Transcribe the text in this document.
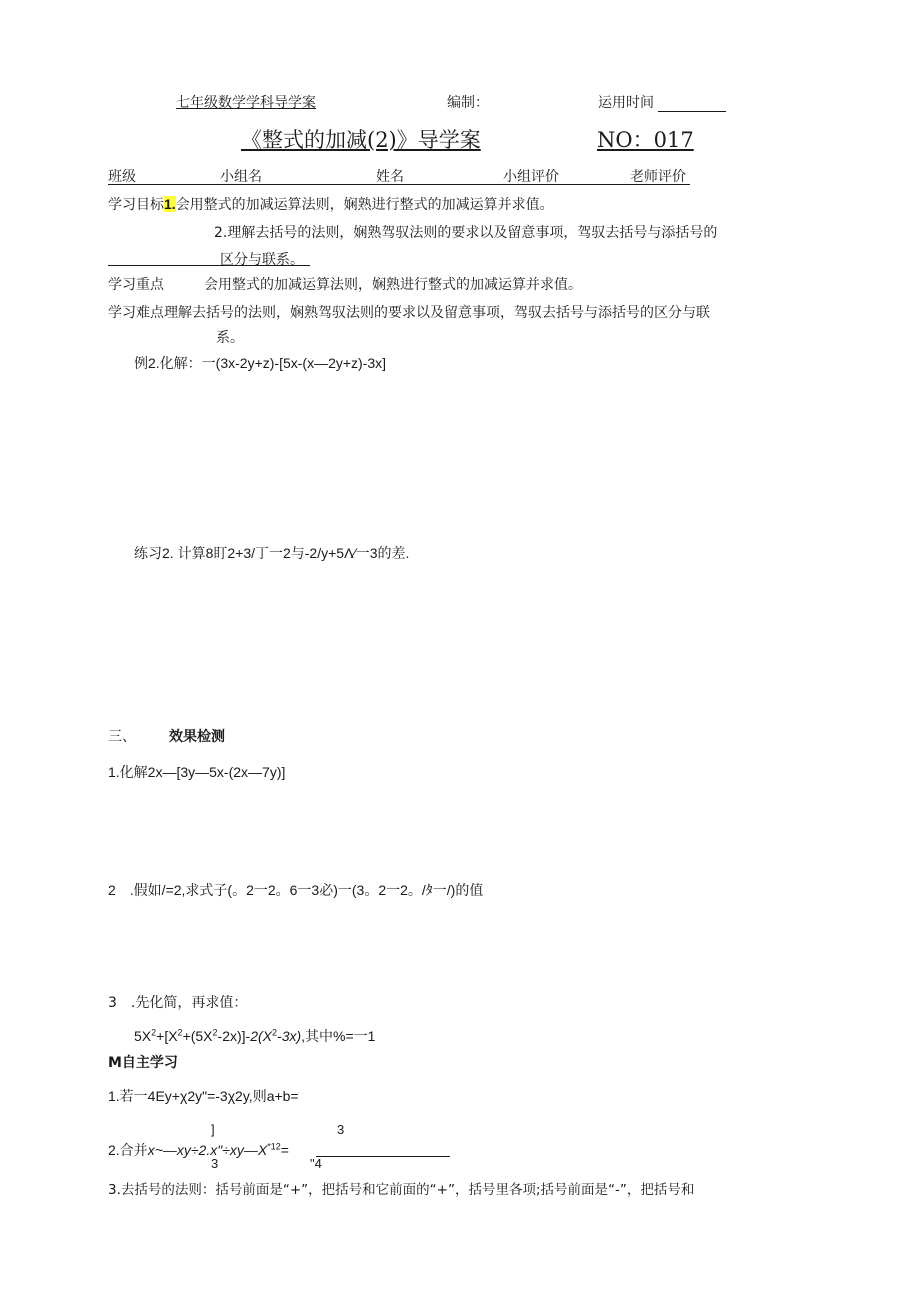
七年级数学学科导学案	编制：	运用时间
《整式的加减(2)》导学案	NO：017
班级	小组名	姓名	小组评价	老师评价
学习目标1.会用整式的加减运算法则，娴熟进行整式的加减运算并求值。
2.理解去括号的法则，娴熟驾驭法则的要求以及留意事项，驾驭去括号与添括号的
区分与联系。
学习重点	会用整式的加减运算法则，娴熟进行整式的加减运算并求值。
学习难点理解去括号的法则，娴熟驾驭法则的要求以及留意事项，驾驭去括号与添括号的区分与联
系。
例2.化解：一(3x-2y+z)-[5x-(x—2y+z)-3x]
练习2. 计算8盯2+3/丁一2与-2/y+5Λ∕一3的差.
三、 效果检测
1.化解2x—[3y—5x-(2x—7y)]
2　.假如/=2,求式子(。2一2。6一3必)一(3。2一2。/ﾀ一/)的值
3　.先化简，再求值：
$5X^2+[X^2+(5X^2-2x)]-2(X^2-3x)$,其中%=一1
M自主学习
1.若一4Ey+χ2y"=-3χ2y,则a+b=
]	3
2.合并$x\sim—xy\div 2.x"\div xy—X^{*12}=$
3	"4
3.去括号的法则：括号前面是“+”，把括号和它前面的“+”，括号里各项;括号前面是“-”，把括号和
